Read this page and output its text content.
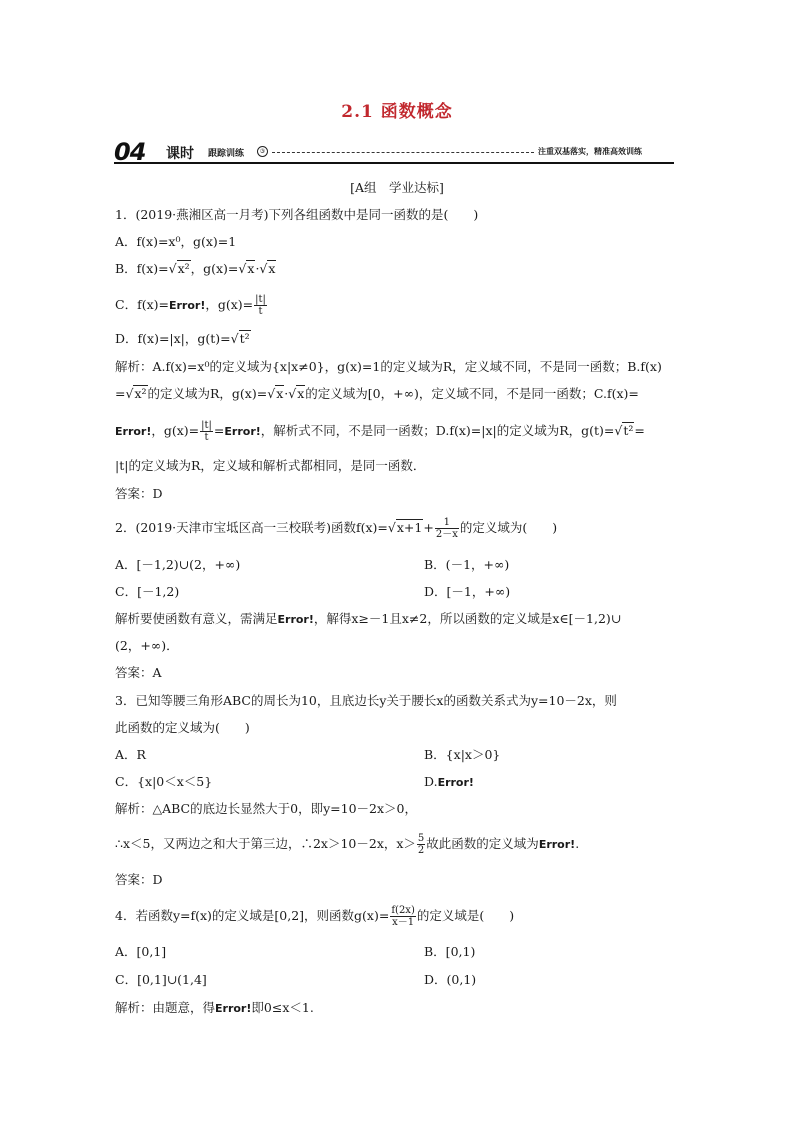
2.1 函数概念
04 课时 跟踪训练	③	注重双基落实，精准高效训练
[A组　学业达标]
1．(2019·燕湘区高一月考)下列各组函数中是同一函数的是(　　)
A．f(x)=x⁰，g(x)=1
B．f(x)=√x²，g(x)=√x·√x
C．f(x)=Error!，$g(x)= \frac{|t|}{t}$
D．f(x)=|x|，g(t)=√t²
解析：A.f(x)=x⁰的定义域为{x|x≠0}，g(x)=1的定义域为R，定义域不同，不是同一函数；B.f(x)
=√x²的定义域为R，g(x)=√x·√x的定义域为[0，+∞)，定义域不同，不是同一函数；C.f(x)=
Error!，$g(x)= \frac{|t|}{t}$ =Error!，解析式不同，不是同一函数；D.f(x)=|x|的定义域为R，g(t)=√t²=
|t|的定义域为R，定义域和解析式都相同，是同一函数．
答案：D
2．(2019·天津市宝坻区高一三校联考)函数$f(x)=√x+1+ \frac{1}{2-x}$ 的定义域为(　　)
A．[－1,2)∪(2，+∞)	B．(－1，+∞)
C．[－1,2)	D．[－1，+∞)
解析要使函数有意义，需满足Error!，解得x≥－1且x≠2，所以函数的定义域是x∈[－1,2)∪
(2，+∞)．
答案：A
3．已知等腰三角形ABC的周长为10，且底边长y关于腰长x的函数关系式为y=10－2x，则
此函数的定义域为(　　)
A．R	B．{x|x＞0}
C．{x|0＜x＜5}	D.Error!
解析：△ABC的底边长显然大于0，即y=10－2x＞0，
∴x＜5，又两边之和大于第三边，∴2x＞10－2x，$x> \frac{5}{2}$ 故此函数的定义域为Error!.
答案：D
4．若函数y=f(x)的定义域是[0,2]，则函数$g(x)= \frac{f(2x)}{x-1}$ 的定义域是(　　)
A．[0,1]	B．[0,1)
C．[0,1]∪(1,4]	D．(0,1)
解析：由题意，得Error!即0≤x＜1.
